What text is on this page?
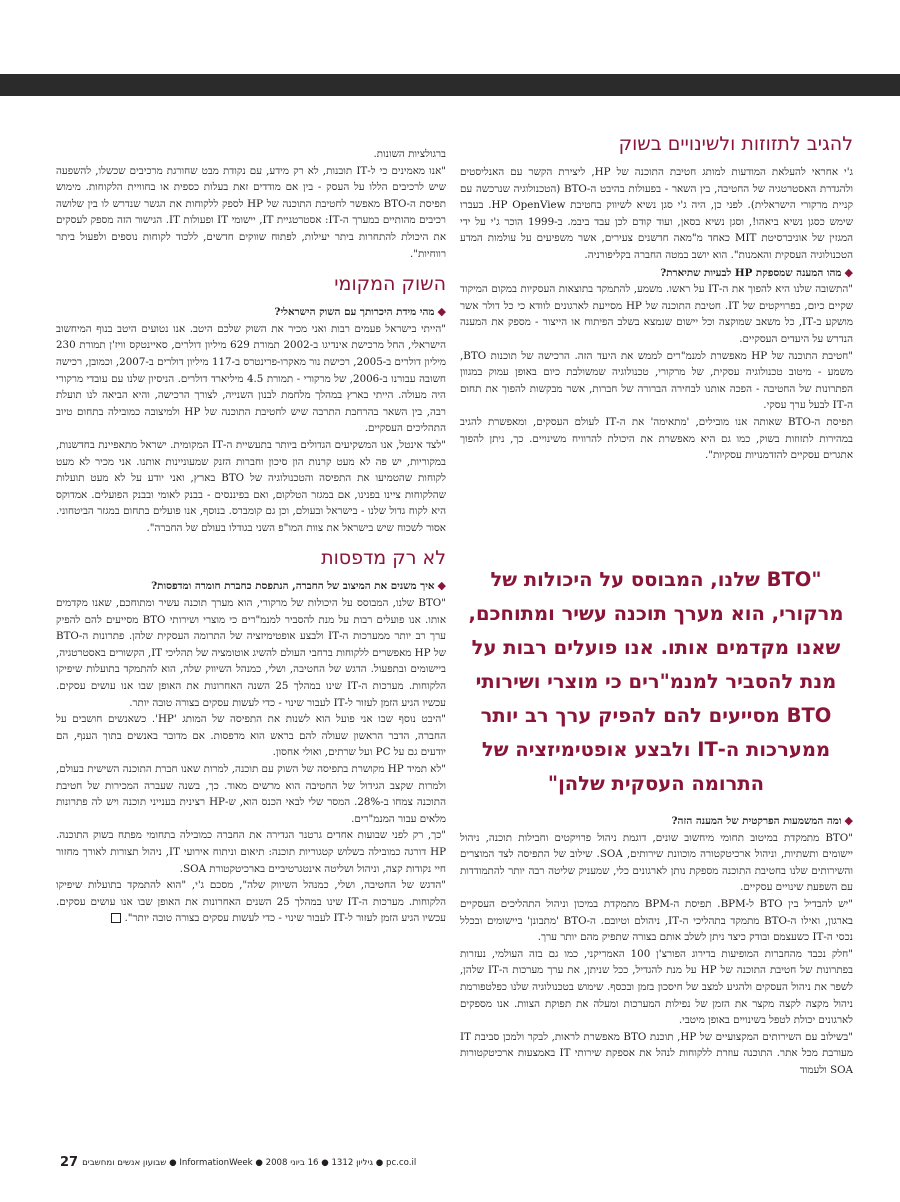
להגיב לתזוזות ולשינויים בשוק

ג'י אחראי להעלאת המודעות למותג חטיבת התוכנה של HP, ליצירת הקשר עם האנליסטים ולהגדרת האסטרטגיה של החטיבה, בין השאר - בפעולות בהיבט ה-BTO (הטכנולוגיה שנרכשה עם קניית מרקורי הישראלית). לפני כן, היה ג'י סגן נשיא לשיווק בחטיבת HP OpenView. בעברו שימש כסגן נשיא ביאהו!, וסגן נשיא בסאן, ועוד קודם לכן עבד ביבמ. ב-1999 הוכר ג'י על ידי המגזין של אוניברסיטת MIT כאחד מ"מאה חדשנים צעירים, אשר משפיעים על עולמות המדע הטכנולוגיה העסקית והאמנות". הוא יושב במטה החברה בקליפורניה.

◆מהו המענה שמספקת HP לבעיות שתיארת?

"התשובה שלנו היא להפוך את ה-IT על ראשו. משמע, להתמקד בתוצאות העסקיות במקום המיקוד שקיים כיום, בפרויקטים של IT. חטיבת התוכנה של HP מסייעת לארגונים לוודא כי כל דולר אשר מושקע ב-IT, כל משאב שמוקצה וכל יישום שנמצא בשלב הפיתוח או הייצור - מספק את המענה הנדרש על היעדים העסקיים.

"חטיבת התוכנה של HP מאפשרת למנמ"רים לממש את היעד הזה. הרכישה של תוכנות BTO, משמע - מיטוב טכנולוגיה עסקית, של מרקורי, טכנולוגיה שמשולבת כיום באופן עמוק במגוון הפתרונות של החטיבה - הפכה אותנו לבחירה הברורה של חברות, אשר מבקשות להפוך את תחום ה-IT לבעל ערך עסקי.

תפיסת ה-BTO שאותה אנו מובילים, 'מתאימה' את ה-IT לעולם העסקים, ומאפשרת להגיב במהירות לתזוזות בשוק, כמו גם היא מאפשרת את היכולת להרוויח משינויים. כך, ניתן להפוך אתגרים עסקיים להזדמנויות עסקיות".

"BTO שלנו, המבוסס על היכולות של מרקורי, הוא מערך תוכנה עשיר ומתוחכם, שאנו מקדמים אותו. אנו פועלים רבות על מנת להסביר למנמ"רים כי מוצרי ושירותי BTO מסייעים להם להפיק ערך רב יותר ממערכות ה-IT ולבצע אופטימיזציה של התרומה העסקית שלהן"
◆ומה המשמעות הפרקטית של המענה הזה?

"BTO מתמקדת במיטוב תחומי מיחשוב שונים, דוגמת ניהול פרויקטים וחבילות תוכנה, ניהול יישומים ותשתיות, וניהול ארכיטקטורה מוכוונת שירותים, SOA. שילוב של התפיסה לצד המוצרים והשירותים שלנו בחטיבת התוכנה מספקת נותן לארגונים כלי, שמעניק שליטה רבה יותר להתמודדות עם השפעת שינויים עסקיים.

"יש להבדיל בין BTO ל-BPM. תפיסת ה-BPM מתמקדת במיכון וניהול התהליכים העסקיים בארגון, ואילו ה-BTO מתמקד בתהליכי ה-IT, ניהולם וטיובם. ה-BTO 'מתבונן' ביישומים ובכלל נכסי ה-IT כשעצמם ובודק כיצד ניתן לשלב אותם בצורה שתפיק מהם יותר ערך.

"חלק נכבד מהחברות המופיעות בדירוג הפורצ'ן 100 האמריקני, כמו גם בזה העולמי, נעזרות בפתרונות של חטיבת התוכנה של HP על מנת להגדיל, ככל שניתן, את ערך מערכות ה-IT שלהן, לשפר את ניהול העסקים ולהגיע למצב של חיסכון בזמן ובכסף. שימוש בטכנולוגיה שלנו כפלטפורמת ניהול מקצה לקצה מקצר את הזמן של נפילות המערכות ומעלה את תפוקת הצוות. אנו מספקים לארגונים יכולת לטפל בשינויים באופן מיטבי.

"בשילוב עם השירותים המקצועיים של HP, תוכנת BTO מאפשרת לראות, לבקר ולמכן סביבת IT מעורבת מכל אתר. התוכנה עוזרת ללקוחות לנהל את אספקת שירותי IT באמצעות ארכיטקטורות SOA ולעמוד

ברגולציות השונות.

"אנו מאמינים כי ל-IT תובנות, לא רק מידע, עם נקודת מבט שחורגת מרכיבים שכשלו, להשפעה שיש לרכיבים הללו על העסק - בין אם מודדים זאת בעלות כספית או בחוויית הלקוחות. מימוש תפיסת ה-BTO מאפשר לחטיבת התוכנה של HP לספק ללקוחות את הגשר שנדרש לו בין שלושה רכיבים מהותיים במערך ה-IT: אסטרטגיית IT, יישומי IT ופעולות IT. הגישור הזה מספק לעסקים את היכולת להתחרות ביתר יעילות, לפתוח שווקים חדשים, ללכוד לקוחות נוספים ולפעול ביתר רווחיות".

השוק המקומי
◆מהי מידת היכרותך עם השוק הישראלי?

"הייתי בישראל פעמים רבות ואני מכיר את השוק שלכם היטב. אנו נטועים היטב בנוף המיחשוב הישראלי, החל מרכישת אינדיגו ב-2002 תמורת 629 מיליון דולרים, סאיינטקס וויז'ן תמורת 230 מיליון דולרים ב-2005, רכישת נור מאקרו-פרינטרס ב-117 מיליון דולרים ב-2007, וכמובן, רכישה חשובה עבורנו ב-2006, של מרקורי - תמורת 4.5 מיליארד דולרים. הניסיון שלנו עם עובדי מרקורי היה מעולה. הייתי בארץ במהלך מלחמת לבנון השנייה, לצורך הרכישה, והיא הביאה לנו תועלת רבה, בין השאר בהרחבת התרבה שיש לחטיבת התוכנה של HP ולמיצובה כמובילה בתחום טיוב התהליכים העסקיים.

"לצד אינטל, אנו המשקיעים הגדולים ביותר בתעשיית ה-IT המקומית. ישראל מתאפיינת בחדשנות, במקוריות, יש פה לא מעט קרנות הון סיכון וחברות הזנק שמעוניינות אותנו. אני מכיר לא מעט לקוחות שהטמיעו את התפיסה והטכנולוגיה של BTO בארץ, ואני יודע על לא מעט תועלות שהלקוחות ציינו בפנינו, אם במגזר הטלקום, ואם בפיננסים - בבנק לאומי ובבנק הפועלים. אמדוקס היא לקוח גדול שלנו - בישראל ובעולם, וכן גם קומברס. בנוסף, אנו פועלים בתחום במגזר הביטחוני. אסור לשכוח שיש בישראל את צוות המו"פ השני בגודלו בעולם של החברה".

לא רק מדפסות
◆איך משנים את המיצוב של החברה, הנתפסת כחברת חומרה ומדפסות?

"BTO שלנו, המבוסס על היכולות של מרקורי, הוא מערך תוכנה עשיר ומתוחכם, שאנו מקדמים אותו. אנו פועלים רבות על מנת להסביר למנמ"רים כי מוצרי ושירותי BTO מסייעים להם להפיק ערך רב יותר ממערכות ה-IT ולבצע אופטימיזציה של התרומה העסקית שלהן. פתרונות ה-BTO של HP מאפשרים ללקוחות ברחבי העולם להשיג אוטומציה של תהליכי IT, הקשורים באסטרטגיה, ביישומים ובתפעול. הדגש של החטיבה, ושלי, כמנהל השיווק שלה, הוא להתמקד בתועלות שיפיקו הלקוחות. מערכות ה-IT שינו במהלך 25 השנה האחרונות את האופן שבו אנו עושים עסקים. עכשיו הגיע הזמן לעזור ל-IT לעבור שינוי - כדי לעשות עסקים בצורה טובה יותר.

"היבט נוסף שבו אני פועל הוא לשנות את התפיסה של המותג 'HP'. כשאנשים חושבים על החברה, הדבר הראשון שעולה להם בראש הוא מדפסות. אם מדובר באנשים בתוך הענף, הם יודעים גם על PC ועל שרתים, ואולי אחסון.

"לא תמיד HP מקושרת בתפיסה של השוק עם תוכנה, למרות שאנו חברת התוכנה השישית בעולם, ולמרות שקצב הגידול של החטיבה הוא מרשים מאוד. כך, בשנה שעברה המכירות של חטיבת התוכנה צמחו ב-28%. המסר שלי לבאי הכנס הוא, ש-HP רצינית בענייני תוכנה ויש לה פתרונות מלאים עבור המנמ"רים.

"כך, רק לפני שבועות אחדים גרטנר הגדירה את החברה כמובילה בתחומי מפתח בשוק התוכנה. HP דורגה כמובילה בשלוש קטגוריות תוכנה: תיאום וניתוח אירועי IT, ניהול תצורות לאורך מחזור חיי נקודות קצה, וניהול ושליטה אינטגרטיביים בארכיטקטורת SOA.

"הדגש של החטיבה, ושלי, כמנהל השיווק שלה", מסכם ג'י, "הוא להתמקד בתועלות שיפיקו הלקוחות. מערכות ה-IT שינו במהלך 25 השנים האחרונות את האופן שבו אנו עושים עסקים. עכשיו הגיע הזמן לעזור ל-IT לעבור שינוי - כדי לעשות עסקים בצורה טובה יותר".

27 pc.co.il ● גיליון 1312 ● 16 ביוני 2008 ● InformationWeek ● שבועון אנשים ומחשבים
